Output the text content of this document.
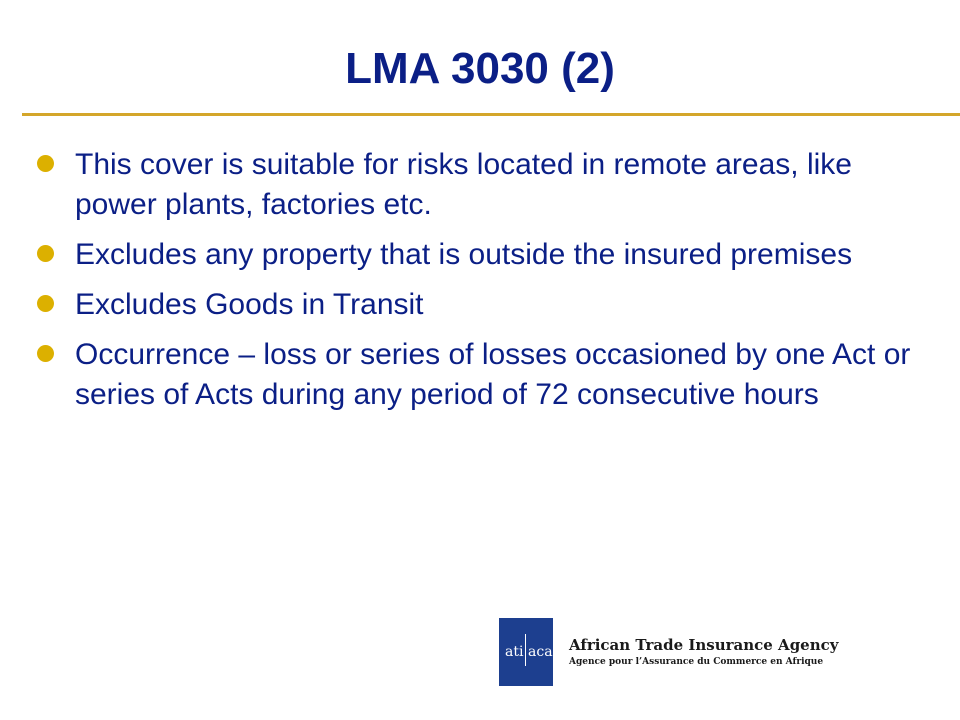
LMA 3030 (2)
This cover is suitable for risks located in remote areas, like power plants, factories etc.
Excludes any property that is outside the insured premises
Excludes Goods in Transit
Occurrence – loss or series of losses occasioned by one Act or series of Acts during any period of 72 consecutive hours
ati aca African Trade Insurance Agency
Agence pour l’Assurance du Commerce en Afrique
